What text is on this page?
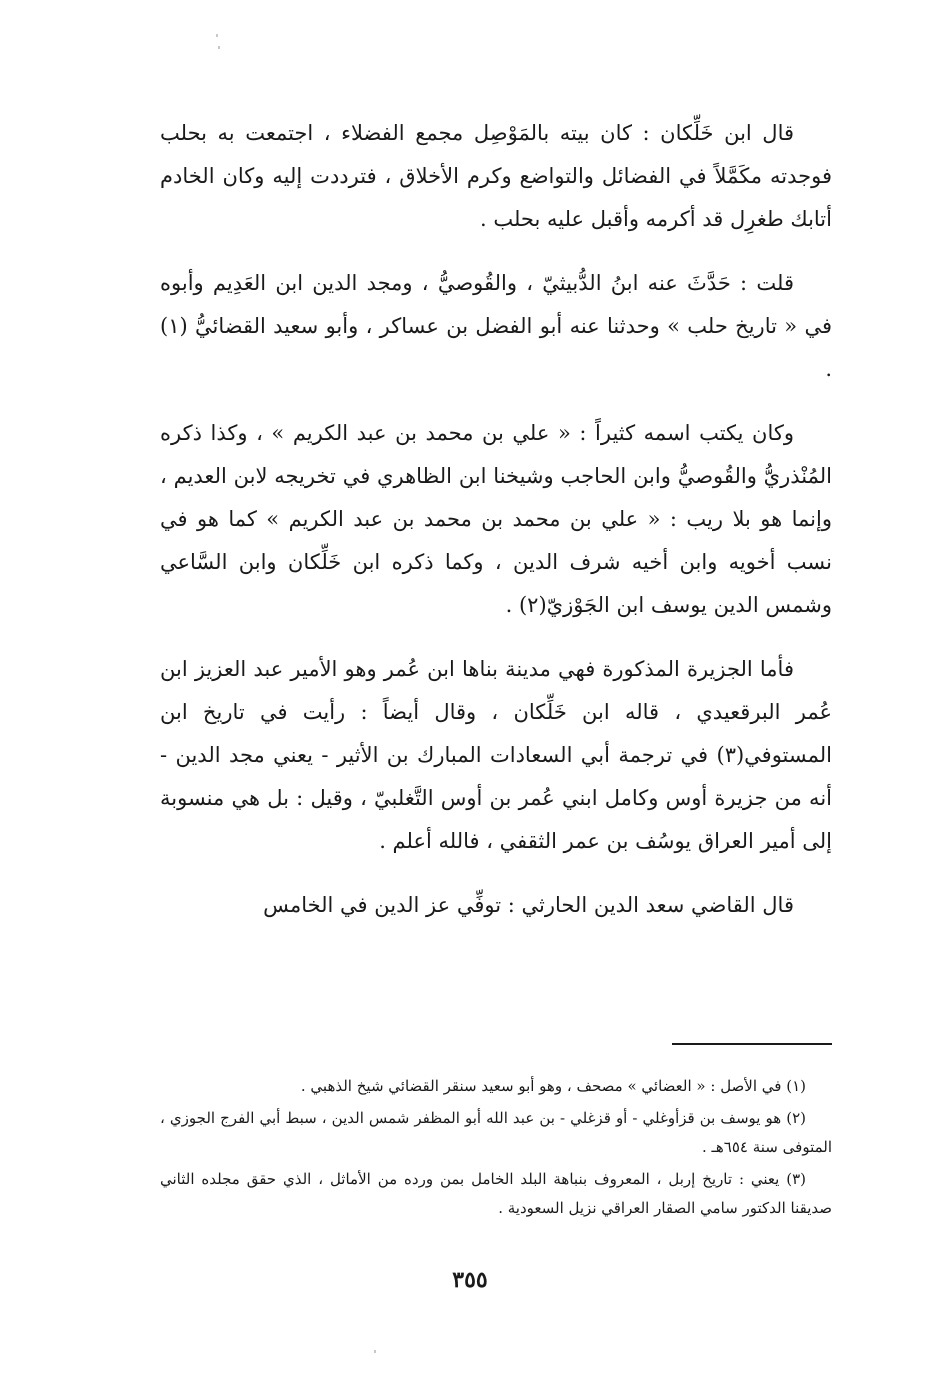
قال ابن خَلِّكان : كان بيته بالمَوْصِل مجمع الفضلاء ، اجتمعت به بحلب فوجدته مكَمَّلاً في الفضائل والتواضع وكرم الأخلاق ، فترددت إليه وكان الخادم أتابك طغرِل قد أكرمه وأقبل عليه بحلب .

قلت : حَدَّثَ عنه ابنُ الدُّبيثيّ ، والقُوصيُّ ، ومجد الدين ابن العَدِيم وأبوه في « تاريخ حلب » وحدثنا عنه أبو الفضل بن عساكر ، وأبو سعيد القضائيُّ (١) .

وكان يكتب اسمه كثيراً : « علي بن محمد بن عبد الكريم » ، وكذا ذكره المُنْذريُّ والقُوصيُّ وابن الحاجب وشيخنا ابن الظاهري في تخريجه لابن العديم ، وإنما هو بلا ريب : « علي بن محمد بن محمد بن عبد الكريم » كما هو في نسب أخويه وابن أخيه شرف الدين ، وكما ذكره ابن خَلِّكان وابن السَّاعي وشمس الدين يوسف ابن الجَوْزيّ(٢) .

فأما الجزيرة المذكورة فهي مدينة بناها ابن عُمر وهو الأمير عبد العزيز ابن عُمر البرقعيدي ، قاله ابن خَلِّكان ، وقال أيضاً : رأيت في تاريخ ابن المستوفي(٣) في ترجمة أبي السعادات المبارك بن الأثير - يعني مجد الدين - أنه من جزيرة أوس وكامل ابني عُمر بن أوس التَّغلبيّ ، وقيل : بل هي منسوبة إلى أمير العراق يوسُف بن عمر الثقفي ، فالله أعلم .

قال القاضي سعد الدين الحارثي : توفِّي عز الدين في الخامس

(١) في الأصل : « العضائي » مصحف ، وهو أبو سعيد سنقر القضائي شيخ الذهبي .

(٢) هو يوسف بن قزأوغلي - أو قزغلي - بن عبد الله أبو المظفر شمس الدين ، سبط أبي الفرج الجوزي ، المتوفى سنة ٦٥٤هـ .

(٣) يعني : تاريخ إربل ، المعروف بنباهة البلد الخامل بمن ورده من الأماثل ، الذي حقق مجلده الثاني صديقنا الدكتور سامي الصقار العراقي نزيل السعودية .

٣٥٥
